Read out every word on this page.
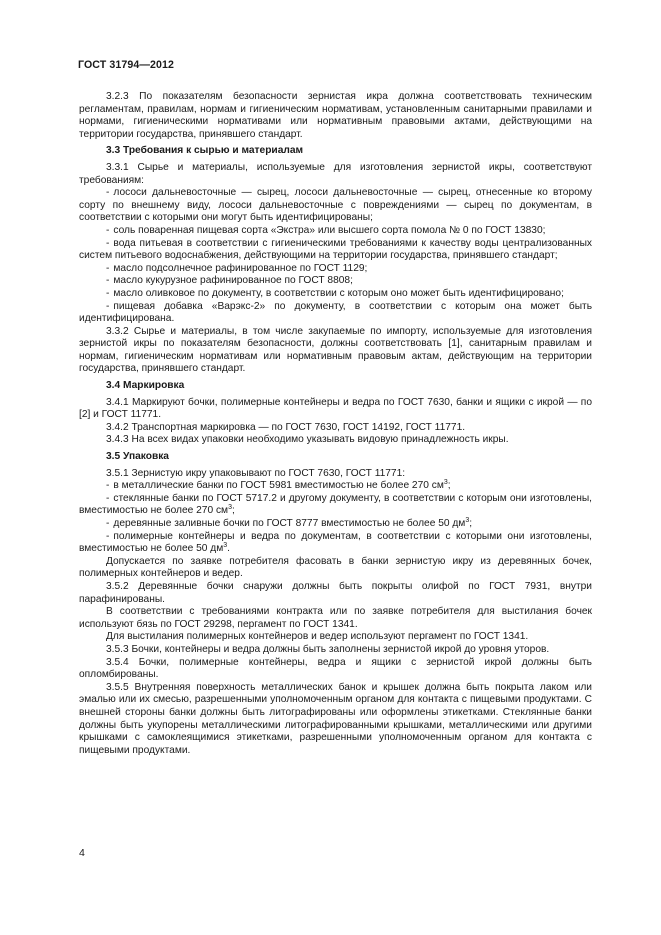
ГОСТ 31794—2012

3.2.3 По показателям безопасности зернистая икра должна соответствовать техническим регламентам, правилам, нормам и гигиеническим нормативам, установленным санитарными правилами и нормами, гигиеническими нормативами или нормативным правовыми актами, действующими на территории государства, принявшего стандарт.

3.3 Требования к сырью и материалам

3.3.1 Сырье и материалы, используемые для изготовления зернистой икры, соответствуют требованиям:

- лососи дальневосточные — сырец, лососи дальневосточные — сырец, отнесенные ко второму сорту по внешнему виду, лососи дальневосточные с повреждениями — сырец по документам, в соответствии с которыми они могут быть идентифицированы;

- соль поваренная пищевая сорта «Экстра» или высшего сорта помола № 0 по ГОСТ 13830;

- вода питьевая в соответствии с гигиеническими требованиями к качеству воды централизованных систем питьевого водоснабжения, действующими на территории государства, принявшего стандарт;

- масло подсолнечное рафинированное по ГОСТ 1129;

- масло кукурузное рафинированное по ГОСТ 8808;

- масло оливковое по документу, в соответствии с которым оно может быть идентифицировано;

- пищевая добавка «Варэкс-2» по документу, в соответствии с которым она может быть идентифицирована.

3.3.2 Сырье и материалы, в том числе закупаемые по импорту, используемые для изготовления зернистой икры по показателям безопасности, должны соответствовать [1], санитарным правилам и нормам, гигиеническим нормативам или нормативным правовым актам, действующим на территории государства, принявшего стандарт.

3.4 Маркировка

3.4.1 Маркируют бочки, полимерные контейнеры и ведра по ГОСТ 7630, банки и ящики с икрой — по [2] и ГОСТ 11771.

3.4.2 Транспортная маркировка — по ГОСТ 7630, ГОСТ 14192, ГОСТ 11771.

3.4.3 На всех видах упаковки необходимо указывать видовую принадлежность икры.

3.5 Упаковка

3.5.1 Зернистую икру упаковывают по ГОСТ 7630, ГОСТ 11771:

- в металлические банки по ГОСТ 5981 вместимостью не более 270 $см^3$;

- стеклянные банки по ГОСТ 5717.2 и другому документу, в соответствии с которым они изготовлены, вместимостью не более 270 $см^3$;

- деревянные заливные бочки по ГОСТ 8777 вместимостью не более 50 $дм^3$;

- полимерные контейнеры и ведра по документам, в соответствии с которыми они изготовлены, вместимостью не более 50 $дм^3$.

Допускается по заявке потребителя фасовать в банки зернистую икру из деревянных бочек, полимерных контейнеров и ведер.

3.5.2 Деревянные бочки снаружи должны быть покрыты олифой по ГОСТ 7931, внутри парафинированы.

В соответствии с требованиями контракта или по заявке потребителя для выстилания бочек используют бязь по ГОСТ 29298, пергамент по ГОСТ 1341.

Для выстилания полимерных контейнеров и ведер используют пергамент по ГОСТ 1341.

3.5.3 Бочки, контейнеры и ведра должны быть заполнены зернистой икрой до уровня уторов.

3.5.4 Бочки, полимерные контейнеры, ведра и ящики с зернистой икрой должны быть опломбированы.

3.5.5 Внутренняя поверхность металлических банок и крышек должна быть покрыта лаком или эмалью или их смесью, разрешенными уполномоченным органом для контакта с пищевыми продуктами. С внешней стороны банки должны быть литографированы или оформлены этикетками. Стеклянные банки должны быть укупорены металлическими литографированными крышками, металлическими или другими крышками с самоклеящимися этикетками, разрешенными уполномоченным органом для контакта с пищевыми продуктами.

4
